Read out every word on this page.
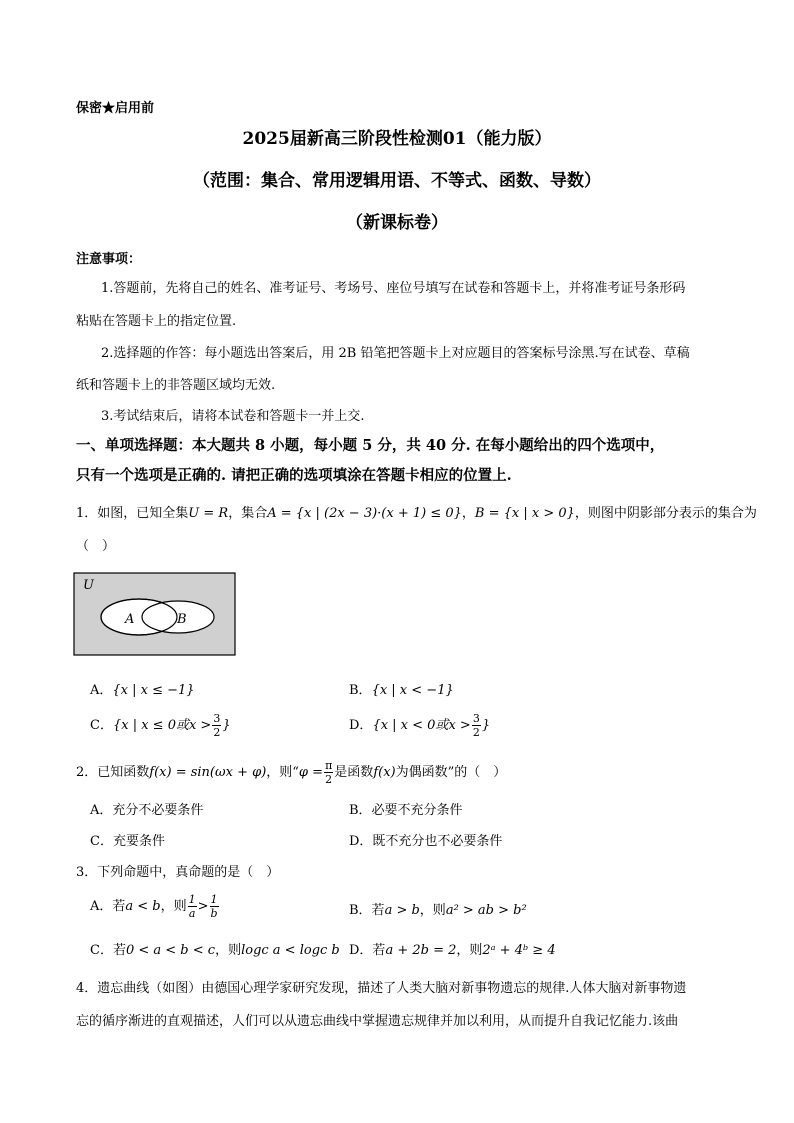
保密★启用前
2025届新高三阶段性检测01（能力版）
（范围：集合、常用逻辑用语、不等式、函数、导数）
（新课标卷）
注意事项：
1.答题前，先将自己的姓名、准考证号、考场号、座位号填写在试卷和答题卡上，并将准考证号条形码
粘贴在答题卡上的指定位置.
2.选择题的作答：每小题选出答案后，用 2B 铅笔把答题卡上对应题目的答案标号涂黑.写在试卷、草稿
纸和答题卡上的非答题区域均无效.
3.考试结束后，请将本试卷和答题卡一并上交.
一、单项选择题：本大题共 8 小题，每小题 5 分，共 40 分. 在每小题给出的四个选项中，
只有一个选项是正确的. 请把正确的选项填涂在答题卡相应的位置上.
1．如图，已知全集U = R，集合A = {x | (2x − 3)·(x + 1) ≤ 0}，B = {x | x > 0}，则图中阴影部分表示的集合为
（　）
U
A	B
A．{x | x ≤ −1}	B．{x | x < −1}
C．{x | x ≤ 0或$x > \frac{3}{2}$ }	D．{x | x < 0或$x > \frac{3}{2}$ }
2．已知函数f(x) = sin(ωx + φ)，则“$\varphi = \frac{\pi}{2}$ 是函数f(x)为偶函数”的（　）
A．充分不必要条件	B．必要不充分条件
C．充要条件	D．既不充分也不必要条件
3．下列命题中，真命题的是（　）
A．若a < b，则 $\frac{1}{a} > \frac{1}{b}$	B．若a > b，则a² > ab > b²
C．若0 < a < b < c，则logc a < logc b D．若a + 2b = 2，则2ᵃ + 4ᵇ ≥ 4
4．遗忘曲线（如图）由德国心理学家研究发现，描述了人类大脑对新事物遗忘的规律.人体大脑对新事物遗
忘的循序渐进的直观描述，人们可以从遗忘曲线中掌握遗忘规律并加以利用，从而提升自我记忆能力.该曲
